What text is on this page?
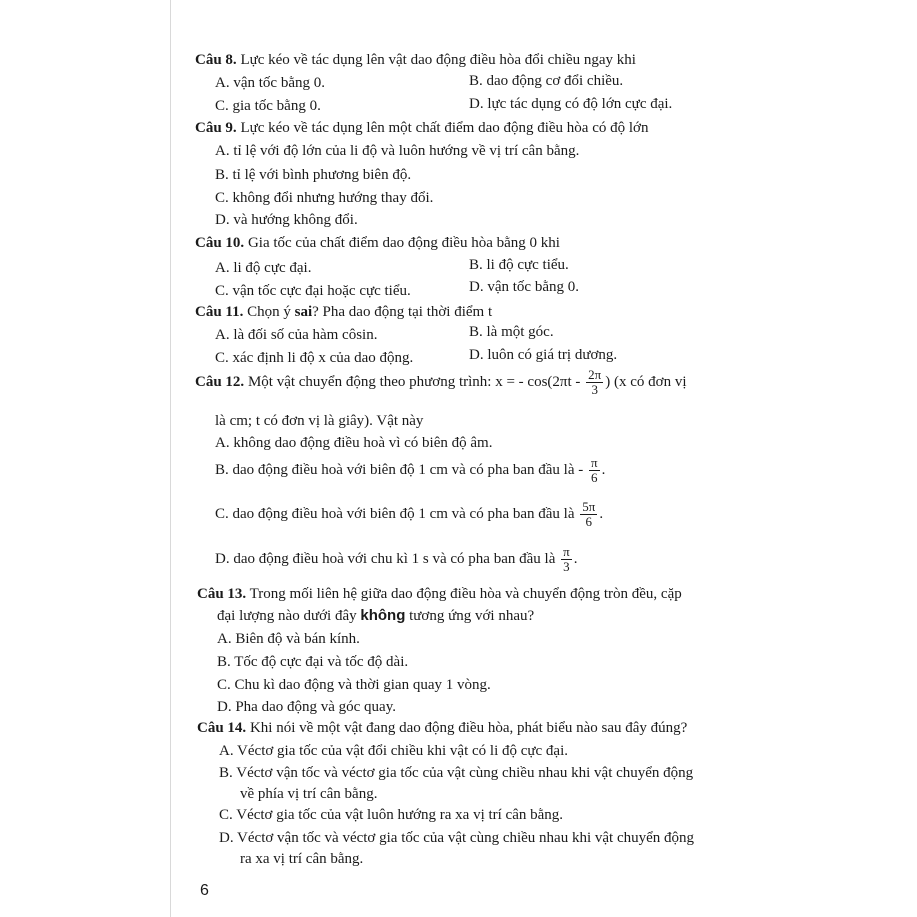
Câu 8. Lực kéo về tác dụng lên vật dao động điều hòa đổi chiều ngay khi
A. vận tốc bằng 0.	B. dao động cơ đổi chiều.
C. gia tốc bằng 0.	D. lực tác dụng có độ lớn cực đại.
Câu 9. Lực kéo về tác dụng lên một chất điểm dao động điều hòa có độ lớn
A. tỉ lệ với độ lớn của li độ và luôn hướng về vị trí cân bằng.
B. tỉ lệ với bình phương biên độ.
C. không đổi nhưng hướng thay đổi.
D. và hướng không đổi.
Câu 10. Gia tốc của chất điểm dao động điều hòa bằng 0 khi
A. li độ cực đại.	B. li độ cực tiểu.
C. vận tốc cực đại hoặc cực tiểu.	D. vận tốc bằng 0.
Câu 11. Chọn ý sai? Pha dao động tại thời điểm t
A. là đối số của hàm côsin.	B. là một góc.
C. xác định li độ x của dao động.	D. luôn có giá trị dương.
Câu 12. Một vật chuyển động theo phương trình: x = - $\cos(2\pi t - \frac{2\pi}{3}$ ) (x có đơn vị
là cm; t có đơn vị là giây). Vật này
A. không dao động điều hoà vì có biên độ âm.
B. dao động điều hoà với biên độ 1 cm và có pha ban đầu là - $\frac{\pi}{6}$ .
C. dao động điều hoà với biên độ 1 cm và có pha ban đầu là $\frac{5\pi}{6}$ .
D. dao động điều hoà với chu kì 1 s và có pha ban đầu là $\frac{\pi}{3}$ .
Câu 13. Trong mối liên hệ giữa dao động điều hòa và chuyển động tròn đều, cặp
đại lượng nào dưới đây không tương ứng với nhau?
A. Biên độ và bán kính.
B. Tốc độ cực đại và tốc độ dài.
C. Chu kì dao động và thời gian quay 1 vòng.
D. Pha dao động và góc quay.
Câu 14. Khi nói về một vật đang dao động điều hòa, phát biểu nào sau đây đúng?
A. Véctơ gia tốc của vật đổi chiều khi vật có li độ cực đại.
B. Véctơ vận tốc và véctơ gia tốc của vật cùng chiều nhau khi vật chuyển động
về phía vị trí cân bằng.
C. Véctơ gia tốc của vật luôn hướng ra xa vị trí cân bằng.
D. Véctơ vận tốc và véctơ gia tốc của vật cùng chiều nhau khi vật chuyển động
ra xa vị trí cân bằng.
6
